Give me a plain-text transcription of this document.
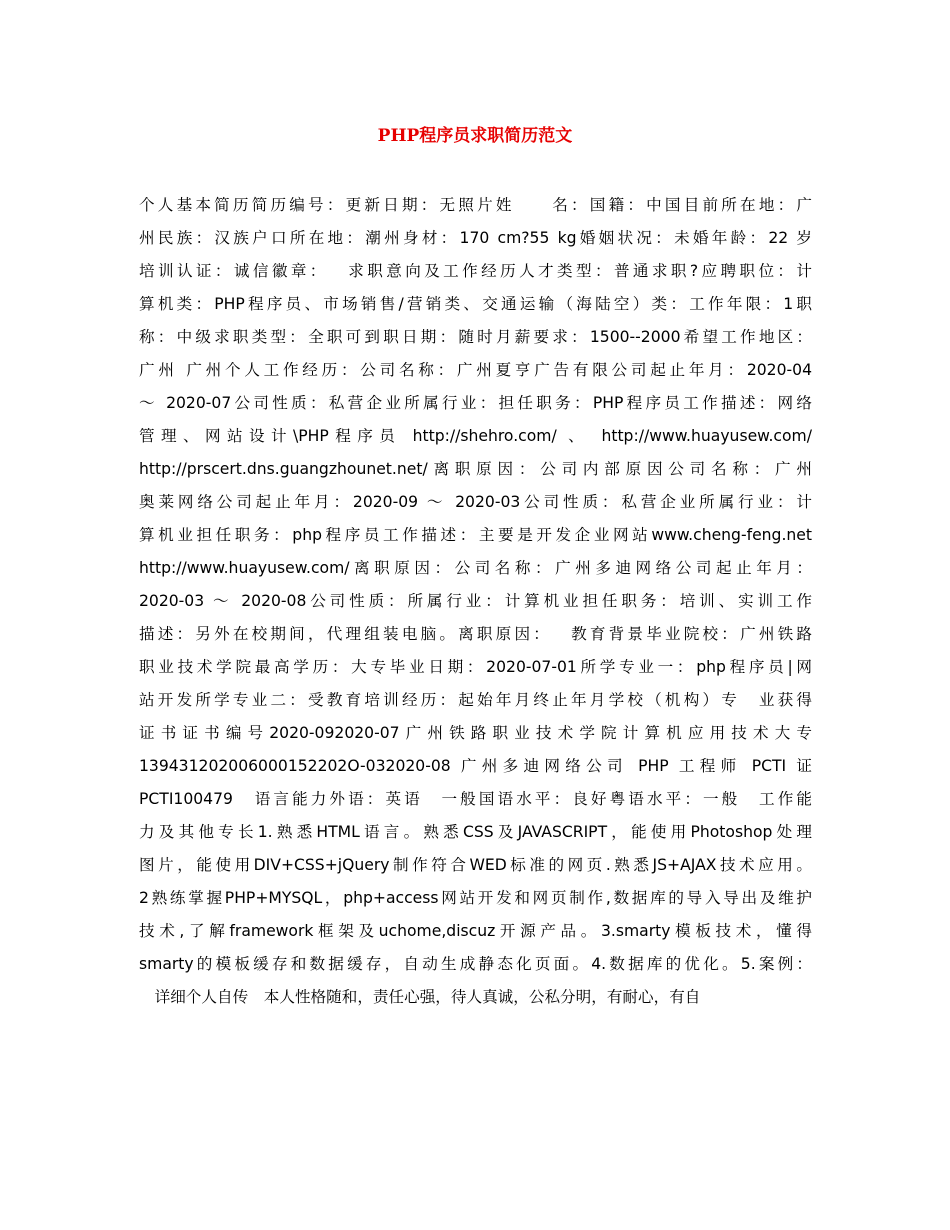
PHP程序员求职简历范文
个人基本简历简历编号：更新日期：无照片姓　　名：国籍：中国目前所在地：广
州民族：汉族户口所在地：潮州身材：170 cm?55 kg婚姻状况：未婚年龄：22 岁
培训认证：诚信徽章：　 求职意向及工作经历人才类型：普通求职?应聘职位：计
算机类：PHP程序员、市场销售/营销类、交通运输（海陆空）类：工作年限：1职
称：中级求职类型：全职可到职日期：随时月薪要求：1500--2000希望工作地区：
广州 广州个人工作经历：公司名称：广州夏亨广告有限公司起止年月：2020-04
～ 2020-07公司性质：私营企业所属行业：担任职务：PHP程序员工作描述：网络
管理、网站设计\PHP程序员 http://shehro.com/ 、 http://www.huayusew.com/
http://prscert.dns.guangzhounet.net/离职原因：公司内部原因公司名称：广州
奥莱网络公司起止年月：2020-09 ～ 2020-03公司性质：私营企业所属行业：计
算机业担任职务：php程序员工作描述：主要是开发企业网站www.cheng-feng.net
http://www.huayusew.com/离职原因：公司名称：广州多迪网络公司起止年月：
2020-03 ～ 2020-08公司性质：所属行业：计算机业担任职务：培训、实训工作
描述：另外在校期间，代理组装电脑。离职原因：　 教育背景毕业院校：广州铁路
职业技术学院最高学历：大专毕业日期：2020-07-01所学专业一：php程序员|网
站开发所学专业二：受教育培训经历：起始年月终止年月学校（机构）专　业获得
证书证书编号2020-092020-07广州铁路职业技术学院计算机应用技术大专
139431202006000152202O-032020-08 广州多迪网络公司 PHP 工程师 PCTI 证
PCTI100479　语言能力外语：英语　一般国语水平：良好粤语水平：一般　工作能
力及其他专长1.熟悉HTML语言。熟悉CSS及JAVASCRIPT，能使用Photoshop处理
图片，能使用DIV+CSS+jQuery制作符合WED标准的网页.熟悉JS+AJAX技术应用。
2熟练掌握PHP+MYSQL，php+access网站开发和网页制作,数据库的导入导出及维护
技术,了解framework框架及uchome,discuz开源产品。3.smarty模板技术，懂得
smarty的模板缓存和数据缓存，自动生成静态化页面。4.数据库的优化。5.案例：
　详细个人自传　本人性格随和，责任心强，待人真诚，公私分明，有耐心，有自
